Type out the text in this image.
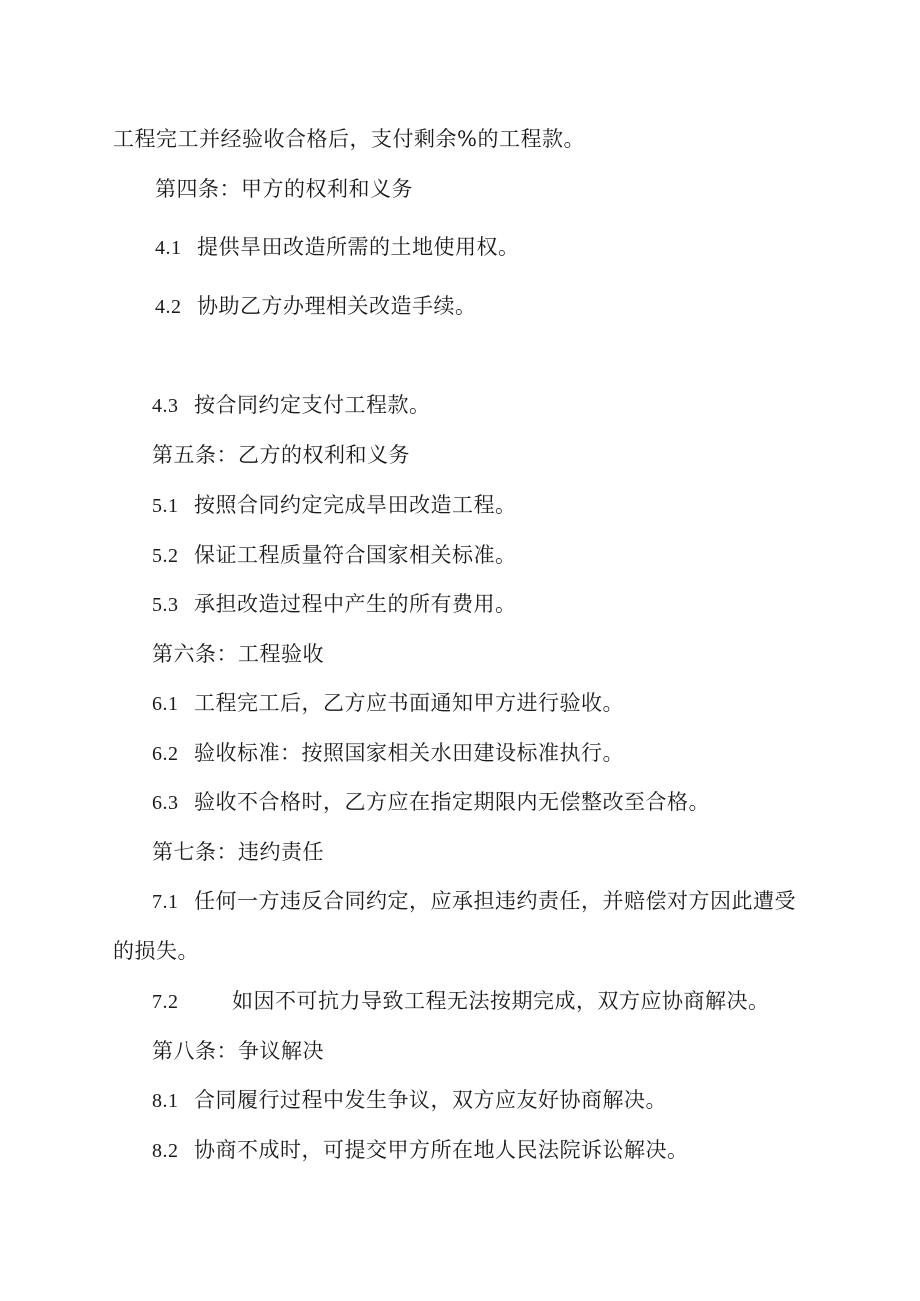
工程完工并经验收合格后，支付剩余%的工程款。
第四条：甲方的权利和义务
4.1 提供旱田改造所需的土地使用权。
4.2 协助乙方办理相关改造手续。
4.3 按合同约定支付工程款。
第五条：乙方的权利和义务
5.1 按照合同约定完成旱田改造工程。
5.2 保证工程质量符合国家相关标准。
5.3 承担改造过程中产生的所有费用。
第六条：工程验收
6.1 工程完工后，乙方应书面通知甲方进行验收。
6.2 验收标准：按照国家相关水田建设标准执行。
6.3 验收不合格时，乙方应在指定期限内无偿整改至合格。
第七条：违约责任
7.1 任何一方违反合同约定，应承担违约责任，并赔偿对方因此遭受
的损失。
7.2	如因不可抗力导致工程无法按期完成，双方应协商解决。
第八条：争议解决
8.1 合同履行过程中发生争议，双方应友好协商解决。
8.2 协商不成时，可提交甲方所在地人民法院诉讼解决。
